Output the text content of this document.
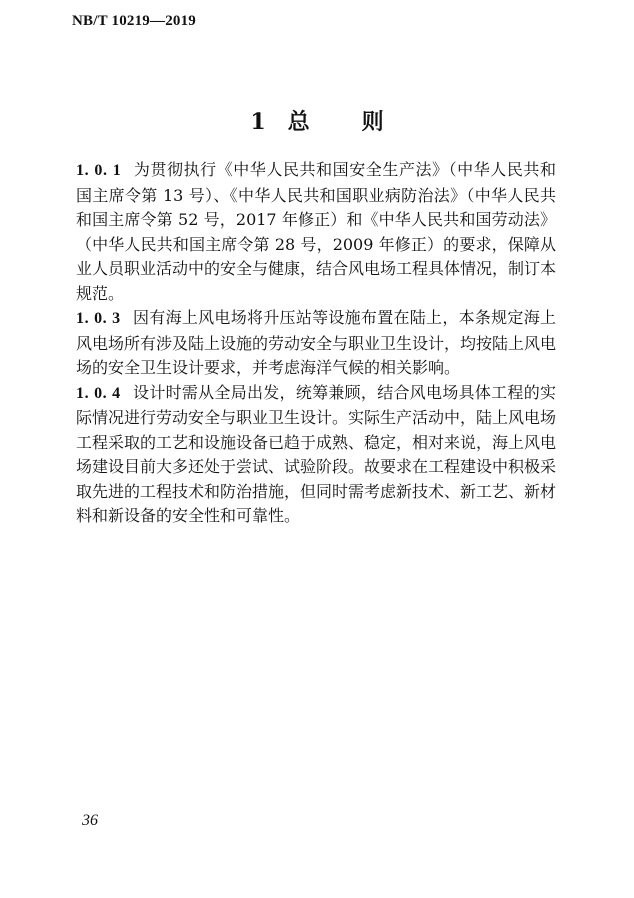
NB/T 10219—2019
1 总 则

1. 0. 1 为贯彻执行《中华人民共和国安全生产法》（中华人民共和国主席令第 13 号）、《中华人民共和国职业病防治法》（中华人民共和国主席令第 52 号，2017 年修正）和《中华人民共和国劳动法》（中华人民共和国主席令第 28 号，2009 年修正）的要求，保障从业人员职业活动中的安全与健康，结合风电场工程具体情况，制订本规范。

1. 0. 3 因有海上风电场将升压站等设施布置在陆上，本条规定海上风电场所有涉及陆上设施的劳动安全与职业卫生设计，均按陆上风电场的安全卫生设计要求，并考虑海洋气候的相关影响。

1. 0. 4 设计时需从全局出发，统筹兼顾，结合风电场具体工程的实际情况进行劳动安全与职业卫生设计。实际生产活动中，陆上风电场工程采取的工艺和设施设备已趋于成熟、稳定，相对来说，海上风电场建设目前大多还处于尝试、试验阶段。故要求在工程建设中积极采取先进的工程技术和防治措施，但同时需考虑新技术、新工艺、新材料和新设备的安全性和可靠性。

36
